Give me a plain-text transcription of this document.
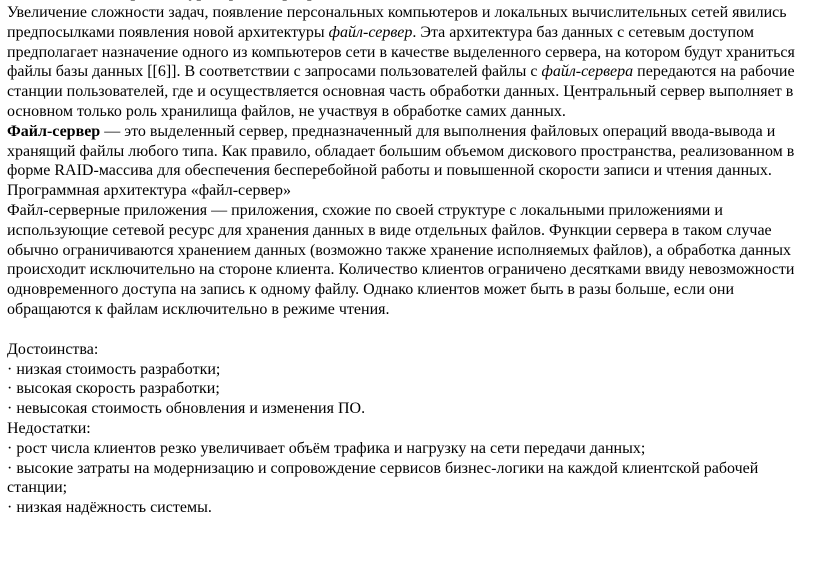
Увеличение сложности задач, появление персональных компьютеров и локальных вычислительных сетей явились предпосылками появления новой архитектуры файл-сервер. Эта архитектура баз данных с сетевым доступом предполагает назначение одного из компьютеров сети в качестве выделенного сервера, на котором будут храниться файлы базы данных [[6]]. В соответствии с запросами пользователей файлы с файл-сервера передаются на рабочие станции пользователей, где и осуществляется основная часть обработки данных. Центральный сервер выполняет в основном только роль хранилища файлов, не участвуя в обработке самих данных.

Файл-сервер — это выделенный сервер, предназначенный для выполнения файловых операций ввода-вывода и хранящий файлы любого типа. Как правило, обладает большим объемом дискового пространства, реализованном в форме RAID-массива для обеспечения бесперебойной работы и повышенной скорости записи и чтения данных.

Программная архитектура «файл-сервер»

Файл-серверные приложения — приложения, схожие по своей структуре с локальными приложениями и использующие сетевой ресурс для хранения данных в виде отдельных файлов. Функции сервера в таком случае обычно ограничиваются хранением данных (возможно также хранение исполняемых файлов), а обработка данных происходит исключительно на стороне клиента. Количество клиентов ограничено десятками ввиду невозможности одновременного доступа на запись к одному файлу. Однако клиентов может быть в разы больше, если они обращаются к файлам исключительно в режиме чтения.

Достоинства:

· низкая стоимость разработки;

· высокая скорость разработки;

· невысокая стоимость обновления и изменения ПО.

Недостатки:

· рост числа клиентов резко увеличивает объём трафика и нагрузку на сети передачи данных;

· высокие затраты на модернизацию и сопровождение сервисов бизнес-логики на каждой клиентской рабочей станции;

· низкая надёжность системы.
